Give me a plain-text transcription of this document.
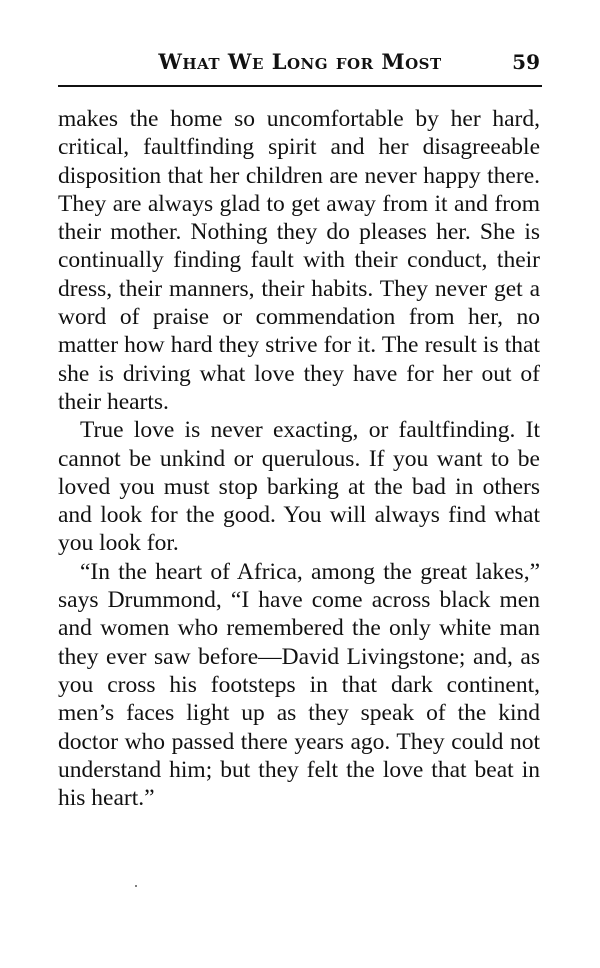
What We Long for Most	59

makes the home so uncomfortable by her hard, critical, faultfinding spirit and her disagreeable disposition that her children are never happy there. They are always glad to get away from it and from their mother. Nothing they do pleases her. She is continually finding fault with their conduct, their dress, their manners, their habits. They never get a word of praise or commendation from her, no matter how hard they strive for it. The result is that she is driving what love they have for her out of their hearts.

True love is never exacting, or faultfinding. It cannot be unkind or querulous. If you want to be loved you must stop barking at the bad in others and look for the good. You will always find what you look for.

“In the heart of Africa, among the great lakes,” says Drummond, “I have come across black men and women who remembered the only white man they ever saw before—David Livingstone; and, as you cross his footsteps in that dark continent, men’s faces light up as they speak of the kind doctor who passed there years ago. They could not understand him; but they felt the love that beat in his heart.”
